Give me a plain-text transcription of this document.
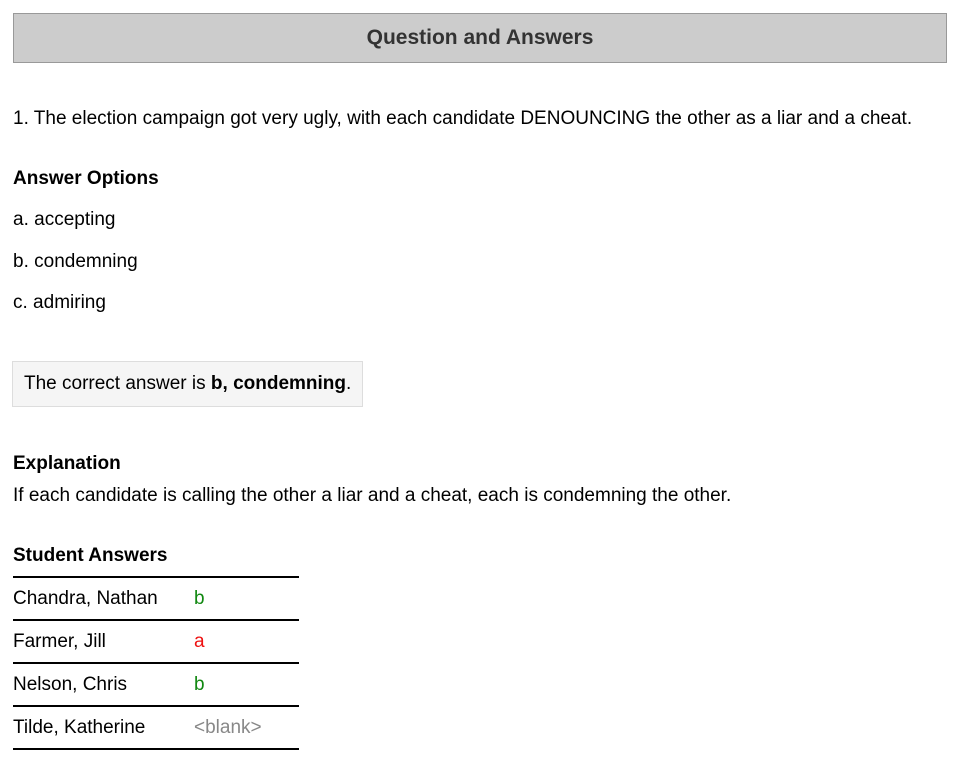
Question and Answers
1. The election campaign got very ugly, with each candidate DENOUNCING the other as a liar and a cheat.
Answer Options
a. accepting
b. condemning
c. admiring
The correct answer is b , condemning .
Explanation
If each candidate is calling the other a liar and a cheat, each is condemning the other.
Student Answers
Chandra, Nathan	b
Farmer, Jill	a
Nelson, Chris	b
Tilde, Katherine	<blank>
